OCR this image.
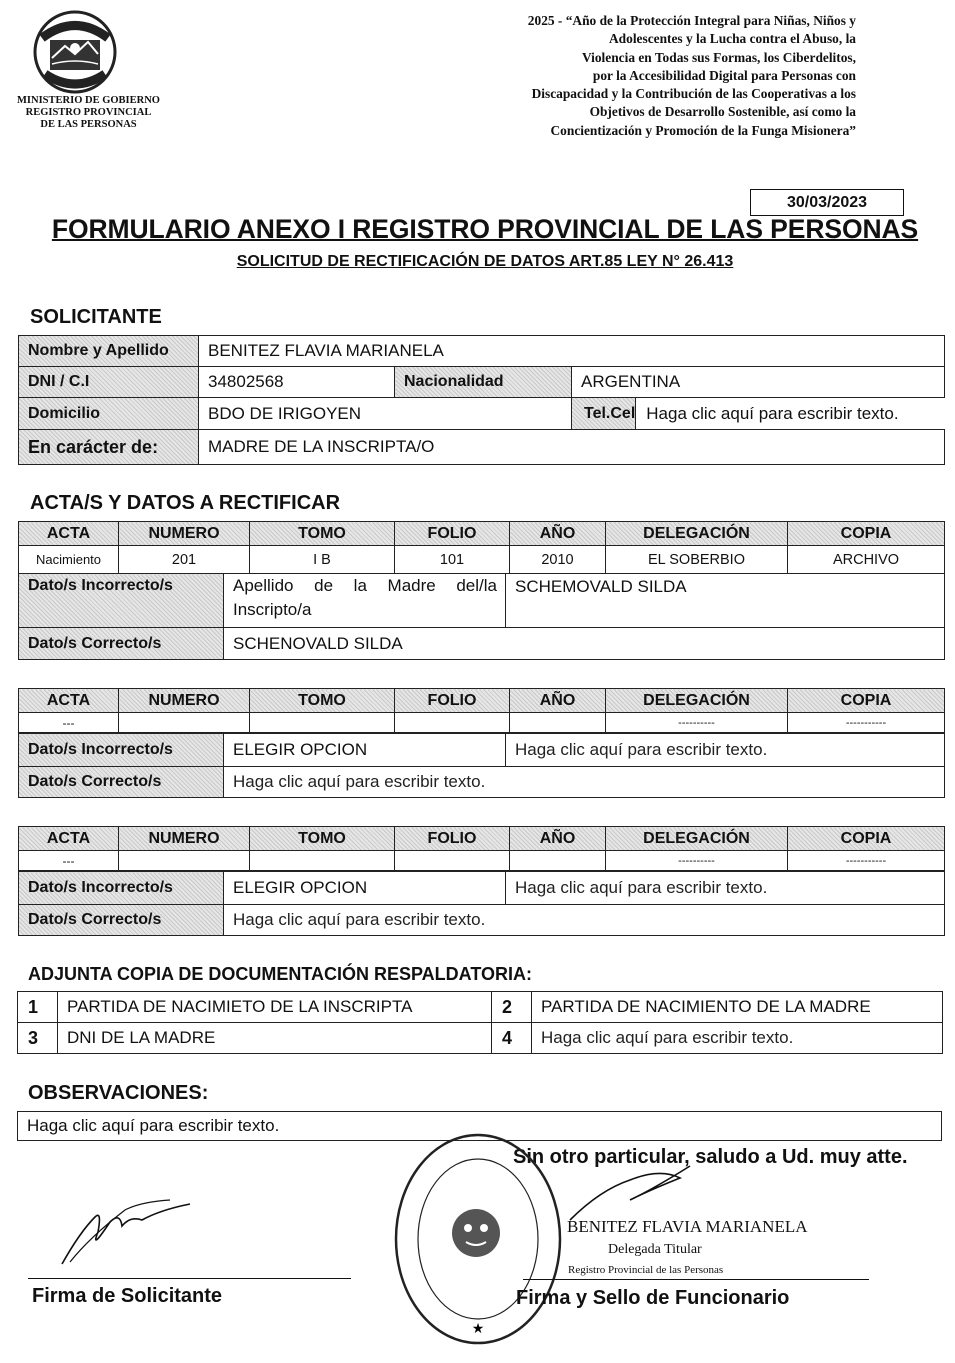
MINISTERIO DE GOBIERNO
REGISTRO PROVINCIAL
DE LAS PERSONAS
2025 - “Año de la Protección Integral para Niñas, Niños y
Adolescentes y la Lucha contra el Abuso, la
Violencia en Todas sus Formas, los Ciberdelitos,
por la Accesibilidad Digital para Personas con
Discapacidad y la Contribución de las Cooperativas a los
Objetivos de Desarrollo Sostenible, así como la
Concientización y Promoción de la Funga Misionera”
30/03/2023
FORMULARIO ANEXO I REGISTRO PROVINCIAL DE LAS PERSONAS
SOLICITUD DE RECTIFICACIÓN DE DATOS ART.85 LEY N° 26.413
SOLICITANTE
Nombre y Apellido	BENITEZ FLAVIA MARIANELA		
DNI / C.I	34802568	Nacionalidad	ARGENTINA
Domicilio	BDO DE IRIGOYEN		Tel.Cel Haga clic aquí para escribir texto.

En carácter de:	MADRE DE LA INSCRIPTA/O		
ACTA/S Y DATOS A RECTIFICAR
ACTA	NUMERO	TOMO	FOLIO	AÑO	DELEGACIÓN	COPIA
Nacimiento	201	I B	101	2010	EL SOBERBIO	ARCHIVO
Dato/s Incorrecto/s	Apellido de la Madre del/la Inscripto/a	SCHEMOVALD SILDA
Dato/s Correcto/s	SCHENOVALD SILDA	
ACTA	NUMERO	TOMO	FOLIO	AÑO	DELEGACIÓN	COPIA
---					----------	-----------
Dato/s Incorrecto/s	ELEGIR OPCION	Haga clic aquí para escribir texto.
Dato/s Correcto/s	Haga clic aquí para escribir texto.	
ACTA	NUMERO	TOMO	FOLIO	AÑO	DELEGACIÓN	COPIA
---					----------	-----------
Dato/s Incorrecto/s	ELEGIR OPCION	Haga clic aquí para escribir texto.
Dato/s Correcto/s	Haga clic aquí para escribir texto.	
ADJUNTA COPIA DE DOCUMENTACIÓN RESPALDATORIA:
1	PARTIDA DE NACIMIETO DE LA INSCRIPTA	2	PARTIDA DE NACIMIENTO DE LA MADRE
3	DNI DE LA MADRE	4	Haga clic aquí para escribir texto.
OBSERVACIONES:
Haga clic aquí para escribir texto.
Sin otro particular, saludo a Ud. muy atte.
Firma de Solicitante
★
BENITEZ FLAVIA MARIANELA
Delegada Titular
Registro Provincial de las Personas
Firma y Sello de Funcionario
